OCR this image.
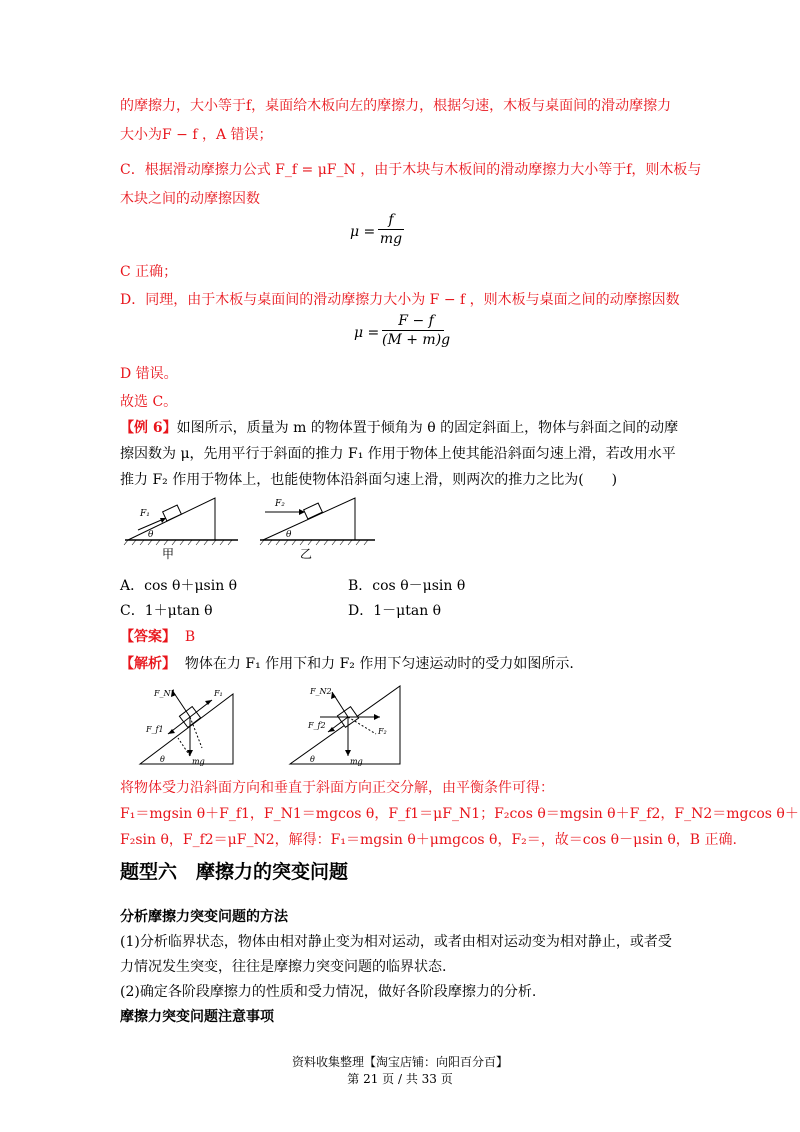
的摩擦力，大小等于f，桌面给木板向左的摩擦力，根据匀速，木板与桌面间的滑动摩擦力
大小为F − f ，A 错误；
C．根据滑动摩擦力公式 F_f = μF_N ，由于木块与木板间的滑动摩擦力大小等于f，则木板与
木块之间的动摩擦因数
μ =
f
mg
C 正确；
D．同理，由于木板与桌面间的滑动摩擦力大小为 F − f ，则木板与桌面之间的动摩擦因数
μ =
F − f
(M + m)g
D 错误。
故选 C。
【例 6】如图所示，质量为 m 的物体置于倾角为 θ 的固定斜面上，物体与斜面之间的动摩
擦因数为 μ，先用平行于斜面的推力 F₁ 作用于物体上使其能沿斜面匀速上滑，若改用水平
推力 F₂ 作用于物体上，也能使物体沿斜面匀速上滑，则两次的推力之比为(　　)
F₁
θ
甲
F₂
θ
乙
A．cos θ＋μsin θ	B．cos θ－μsin θ
C．1＋μtan θ	D．1－μtan θ
【答案】 B
【解析】 物体在力 F₁ 作用下和力 F₂ 作用下匀速运动时的受力如图所示.
F_N1	F₁
F_f1
mg
θ
F_N2
F₂
F_f2
mg
θ
将物体受力沿斜面方向和垂直于斜面方向正交分解，由平衡条件可得：
F₁＝mgsin θ＋F_f1，F_N1＝mgcos θ，F_f1＝μF_N1；F₂cos θ＝mgsin θ＋F_f2，F_N2＝mgcos θ＋
F₂sin θ，F_f2＝μF_N2，解得：F₁＝mgsin θ＋μmgcos θ，F₂＝，故＝cos θ－μsin θ，B 正确.
题型六　摩擦力的突变问题
分析摩擦力突变问题的方法
(1)分析临界状态，物体由相对静止变为相对运动，或者由相对运动变为相对静止，或者受
力情况发生突变，往往是摩擦力突变问题的临界状态.
(2)确定各阶段摩擦力的性质和受力情况，做好各阶段摩擦力的分析.
摩擦力突变问题注意事项
资料收集整理【淘宝店铺：向阳百分百】
第 21 页 / 共 33 页
